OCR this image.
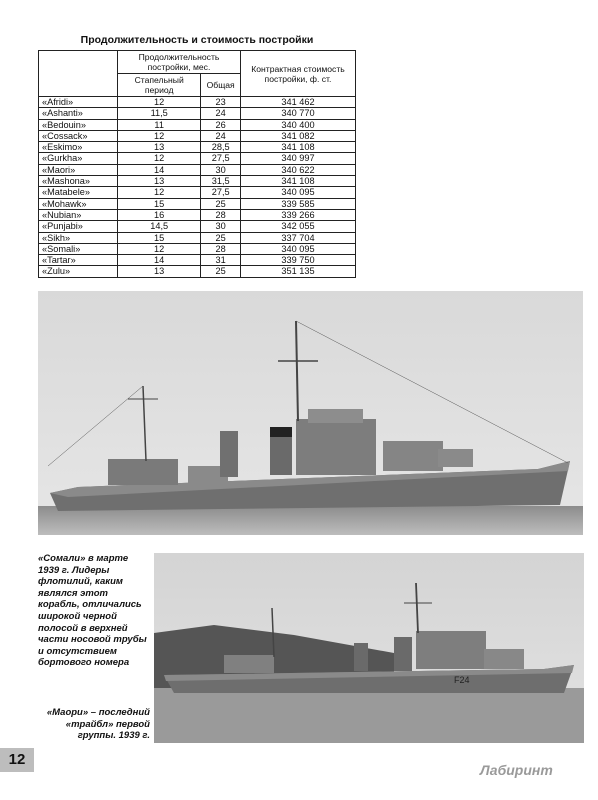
Продолжительность и стоимость постройки
	Продолжительность постройки, мес.		Контрактная стоимость постройки, ф. ст.
	Стапельный период	Общая	
«Afridi»	12	23	341 462
«Ashanti»	11,5	24	340 770
«Bedouin»	11	26	340 400
«Cossack»	12	24	341 082
«Eskimo»	13	28,5	341 108
«Gurkha»	12	27,5	340 997
«Maori»	14	30	340 622
«Mashona»	13	31,5	341 108
«Matabele»	12	27,5	340 095
«Mohawk»	15	25	339 585
«Nubian»	16	28	339 266
«Punjabi»	14,5	30	342 055
«Sikh»	15	25	337 704
«Somali»	12	28	340 095
«Tartar»	14	31	339 750
«Zulu»	13	25	351 135
«Сомали» в марте 1939 г. Лидеры флотилий, каким являлся этот корабль, отличались широкой черной полосой в верхней части носовой трубы и отсутствием бортового номера
F24
«Маори» – последний «трайбл» первой группы. 1939 г.
12
Лабиринт
